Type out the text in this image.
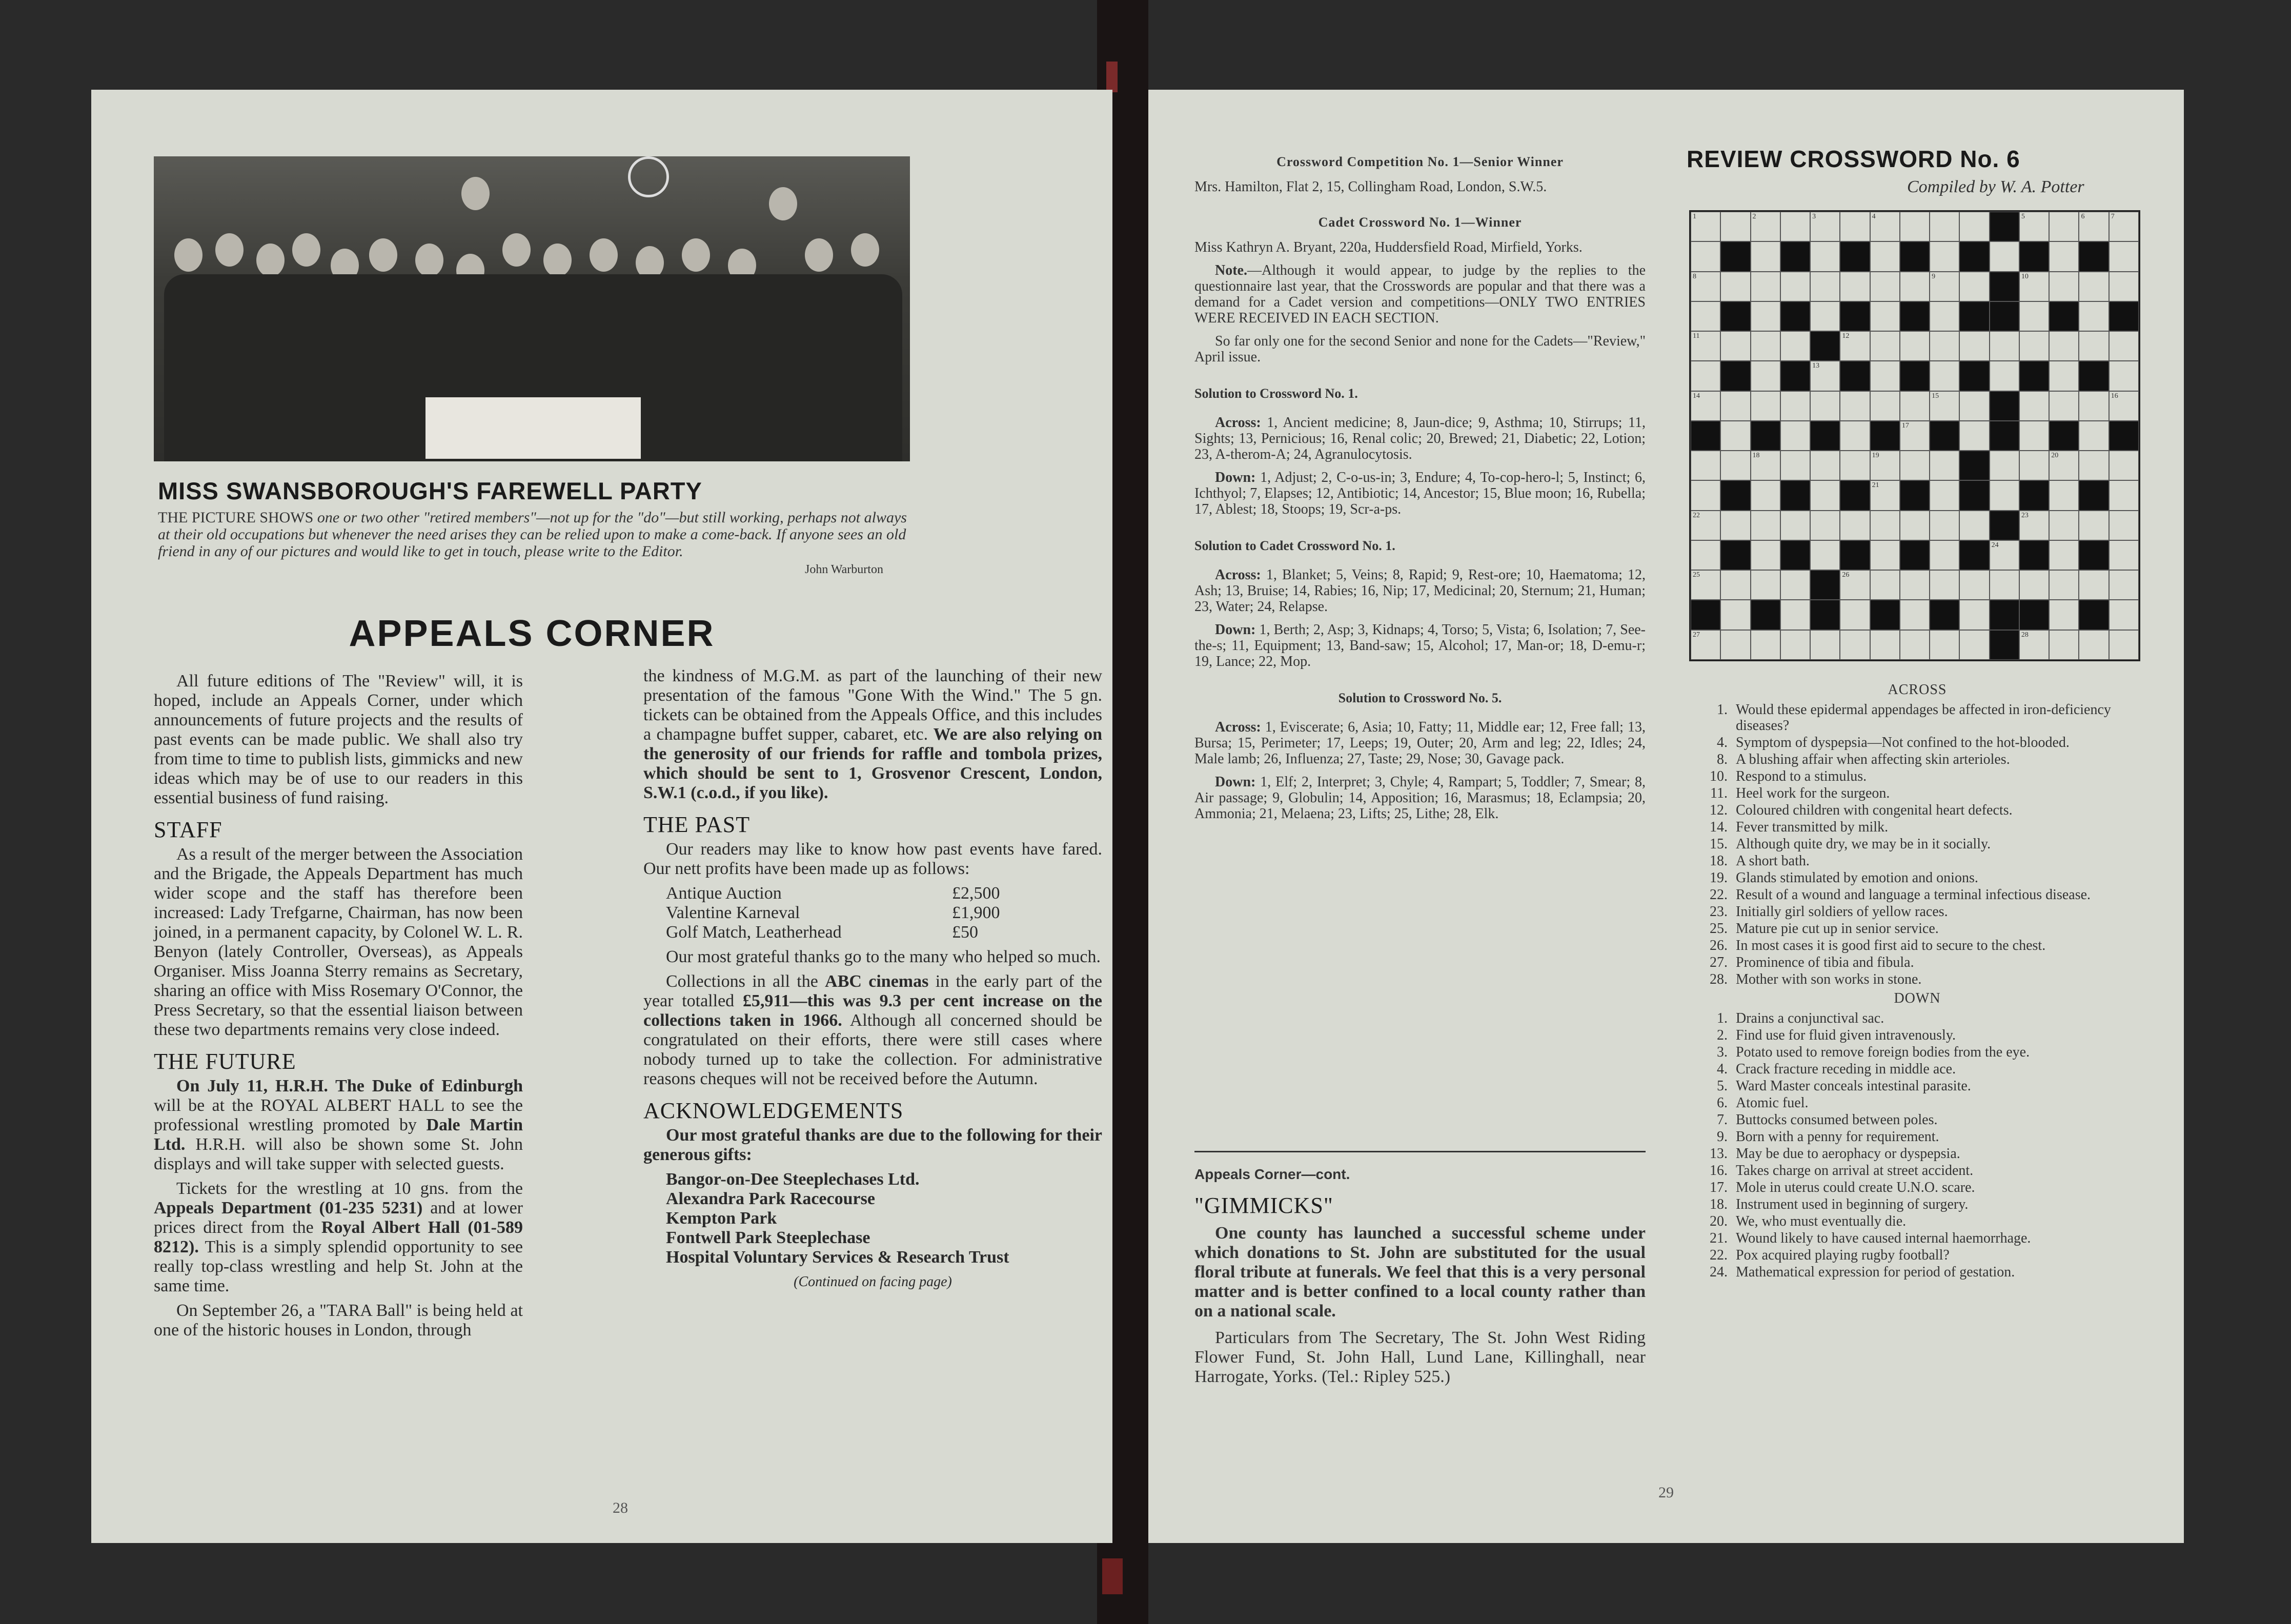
MISS SWANSBOROUGH'S FAREWELL PARTY
THE PICTURE SHOWS one or two other "retired members"—not up for the "do"—but still working, perhaps not always at their old occupations but whenever the need arises they can be relied upon to make a come-back. If anyone sees an old friend in any of our pictures and would like to get in touch, please write to the Editor.
John Warburton
APPEALS CORNER

All future editions of The "Review" will, it is hoped, include an Appeals Corner, under which announcements of future projects and the results of past events can be made public. We shall also try from time to time to publish lists, gimmicks and new ideas which may be of use to our readers in this essential business of fund raising.

STAFF

As a result of the merger between the Association and the Brigade, the Appeals Department has much wider scope and the staff has therefore been increased: Lady Trefgarne, Chairman, has now been joined, in a permanent capacity, by Colonel W. L. R. Benyon (lately Controller, Overseas), as Appeals Organiser. Miss Joanna Sterry remains as Secretary, sharing an office with Miss Rosemary O'Connor, the Press Secretary, so that the essential liaison between these two departments remains very close indeed.

THE FUTURE

On July 11, H.R.H. The Duke of Edinburgh will be at the ROYAL ALBERT HALL to see the professional wrestling promoted by Dale Martin Ltd. H.R.H. will also be shown some St. John displays and will take supper with selected guests.

Tickets for the wrestling at 10 gns. from the Appeals Department (01-235 5231) and at lower prices direct from the Royal Albert Hall (01-589 8212). This is a simply splendid opportunity to see really top-class wrestling and help St. John at the same time.

On September 26, a "TARA Ball" is being held at one of the historic houses in London, through

the kindness of M.G.M. as part of the launching of their new presentation of the famous "Gone With the Wind." The 5 gn. tickets can be obtained from the Appeals Office, and this includes a champagne buffet supper, cabaret, etc. We are also relying on the generosity of our friends for raffle and tombola prizes, which should be sent to 1, Grosvenor Crescent, London, S.W.1 (c.o.d., if you like).

THE PAST

Our readers may like to know how past events have fared. Our nett profits have been made up as follows:

Antique Auction	£2,500
Valentine Karneval	£1,900
Golf Match, Leatherhead	£50

Our most grateful thanks go to the many who helped so much.

Collections in all the ABC cinemas in the early part of the year totalled £5,911—this was 9.3 per cent increase on the collections taken in 1966. Although all concerned should be congratulated on their efforts, there were still cases where nobody turned up to take the collection. For administrative reasons cheques will not be received before the Autumn.

ACKNOWLEDGEMENTS

Our most grateful thanks are due to the following for their generous gifts:

Bangor-on-Dee Steeplechases Ltd.
Alexandra Park Racecourse
Kempton Park
Fontwell Park Steeplechase
Hospital Voluntary Services & Research Trust
(Continued on facing page)
28
Crossword Competition No. 1—Senior Winner

Mrs. Hamilton, Flat 2, 15, Collingham Road, London, S.W.5.

Cadet Crossword No. 1—Winner

Miss Kathryn A. Bryant, 220a, Huddersfield Road, Mirfield, Yorks.

Note.—Although it would appear, to judge by the replies to the questionnaire last year, that the Crosswords are popular and that there was a demand for a Cadet version and competitions—ONLY TWO ENTRIES WERE RECEIVED IN EACH SECTION.

So far only one for the second Senior and none for the Cadets—"Review," April issue.

Solution to Crossword No. 1.

Across: 1, Ancient medicine; 8, Jaun-dice; 9, Asthma; 10, Stirrups; 11, Sights; 13, Pernicious; 16, Renal colic; 20, Brewed; 21, Diabetic; 22, Lotion; 23, A-therom-A; 24, Agranulocytosis.

Down: 1, Adjust; 2, C-o-us-in; 3, Endure; 4, To-cop-hero-l; 5, Instinct; 6, Ichthyol; 7, Elapses; 12, Antibiotic; 14, Ancestor; 15, Blue moon; 16, Rubella; 17, Ablest; 18, Stoops; 19, Scr-a-ps.

Solution to Cadet Crossword No. 1.

Across: 1, Blanket; 5, Veins; 8, Rapid; 9, Rest-ore; 10, Haematoma; 12, Ash; 13, Bruise; 14, Rabies; 16, Nip; 17, Medicinal; 20, Sternum; 21, Human; 23, Water; 24, Relapse.

Down: 1, Berth; 2, Asp; 3, Kidnaps; 4, Torso; 5, Vista; 6, Isolation; 7, See-the-s; 11, Equipment; 13, Band-saw; 15, Alcohol; 17, Man-or; 18, D-emu-r; 19, Lance; 22, Mop.

Solution to Crossword No. 5.

Across: 1, Eviscerate; 6, Asia; 10, Fatty; 11, Middle ear; 12, Free fall; 13, Bursa; 15, Perimeter; 17, Leeps; 19, Outer; 20, Arm and leg; 22, Idles; 24, Male lamb; 26, Influenza; 27, Taste; 29, Nose; 30, Gavage pack.

Down: 1, Elf; 2, Interpret; 3, Chyle; 4, Rampart; 5, Toddler; 7, Smear; 8, Air passage; 9, Globulin; 14, Apposition; 16, Marasmus; 18, Eclampsia; 20, Ammonia; 21, Melaena; 23, Lifts; 25, Lithe; 28, Elk.

Appeals Corner—cont.
"GIMMICKS"

One county has launched a successful scheme under which donations to St. John are substituted for the usual floral tribute at funerals. We feel that this is a very personal matter and is better confined to a local county rather than on a national scale.

Particulars from The Secretary, The St. John West Riding Flower Fund, St. John Hall, Lund Lane, Killinghall, near Harrogate, Yorks. (Tel.: Ripley 525.)

29
REVIEW CROSSWORD No. 6
Compiled by W. A. Potter
1	2	3	4	5	6	7
8	9	10
11	12
13
14	15	16
17
18	19	20
21
22	23
24
25	26
27	28
ACROSS
1. Would these epidermal appendages be affected in iron-deficiency diseases?
4. Symptom of dyspepsia—Not confined to the hot-blooded.
8. A blushing affair when affecting skin arterioles.
10. Respond to a stimulus.
11. Heel work for the surgeon.
12. Coloured children with congenital heart defects.
14. Fever transmitted by milk.
15. Although quite dry, we may be in it socially.
18. A short bath.
19. Glands stimulated by emotion and onions.
22. Result of a wound and language a terminal infectious disease.
23. Initially girl soldiers of yellow races.
25. Mature pie cut up in senior service.
26. In most cases it is good first aid to secure to the chest.
27. Prominence of tibia and fibula.
28. Mother with son works in stone.
DOWN
1. Drains a conjunctival sac.
2. Find use for fluid given intravenously.
3. Potato used to remove foreign bodies from the eye.
4. Crack fracture receding in middle ace.
5. Ward Master conceals intestinal parasite.
6. Atomic fuel.
7. Buttocks consumed between poles.
9. Born with a penny for requirement.
13. May be due to aerophacy or dyspepsia.
16. Takes charge on arrival at street accident.
17. Mole in uterus could create U.N.O. scare.
18. Instrument used in beginning of surgery.
20. We, who must eventually die.
21. Wound likely to have caused internal haemorrhage.
22. Pox acquired playing rugby football?
24. Mathematical expression for period of gestation.
